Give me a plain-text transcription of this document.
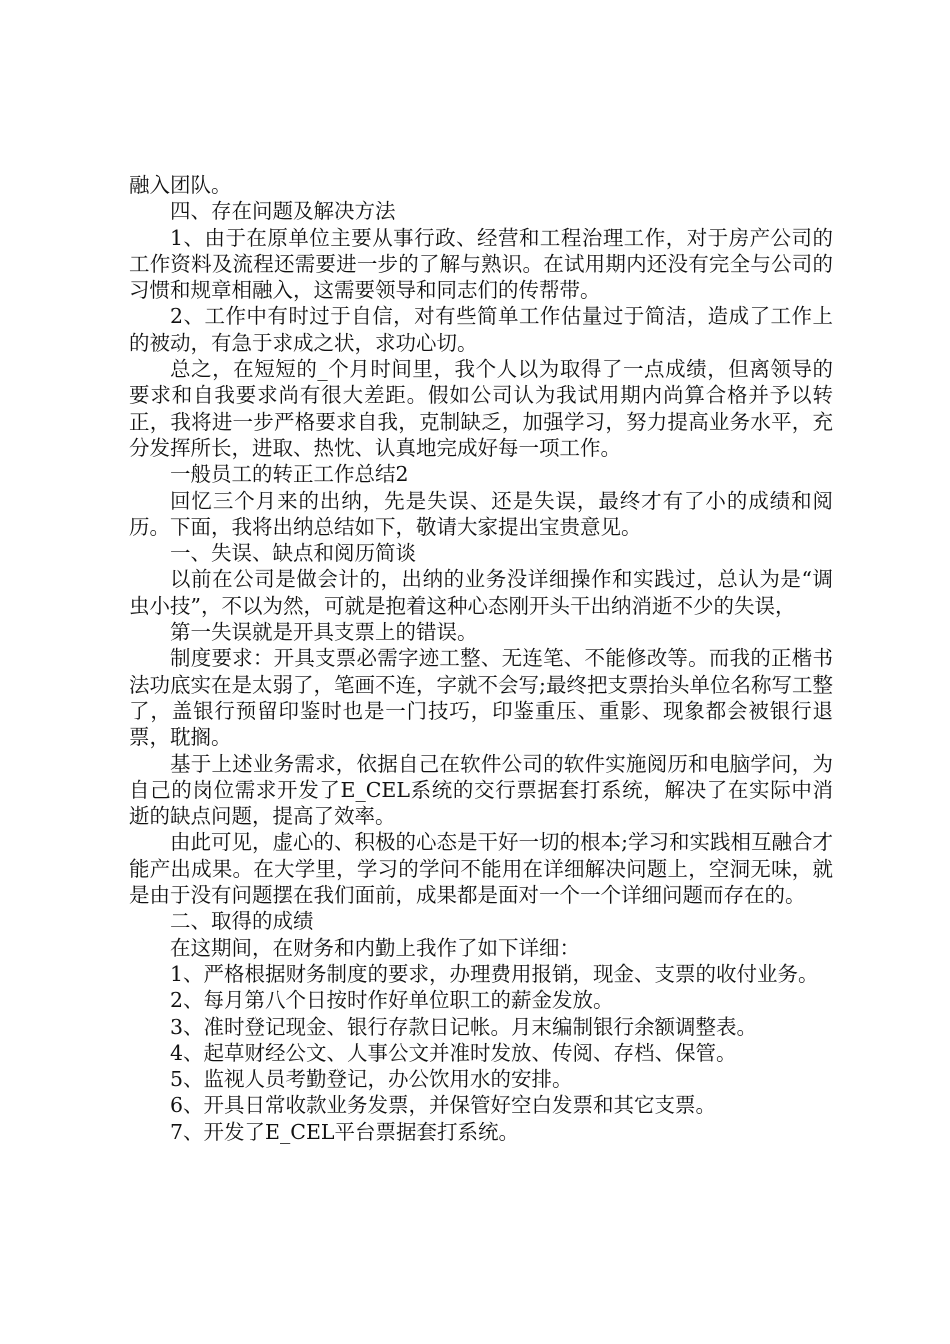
融入团队。

四、存在问题及解决方法

1、由于在原单位主要从事行政、经营和工程治理工作，对于房产公司的工作资料及流程还需要进一步的了解与熟识。在试用期内还没有完全与公司的习惯和规章相融入，这需要领导和同志们的传帮带。

2、工作中有时过于自信，对有些简单工作估量过于简洁，造成了工作上的被动，有急于求成之状，求功心切。

总之，在短短的_个月时间里，我个人以为取得了一点成绩，但离领导的要求和自我要求尚有很大差距。假如公司认为我试用期内尚算合格并予以转正，我将进一步严格要求自我，克制缺乏，加强学习，努力提高业务水平，充分发挥所长，进取、热忱、认真地完成好每一项工作。

一般员工的转正工作总结2

回忆三个月来的出纳，先是失误、还是失误，最终才有了小的成绩和阅历。下面，我将出纳总结如下，敬请大家提出宝贵意见。

一、失误、缺点和阅历简谈

以前在公司是做会计的，出纳的业务没详细操作和实践过，总认为是“调虫小技”，不以为然，可就是抱着这种心态刚开头干出纳消逝不少的失误，

第一失误就是开具支票上的错误。

制度要求：开具支票必需字迹工整、无连笔、不能修改等。而我的正楷书法功底实在是太弱了，笔画不连，字就不会写;最终把支票抬头单位名称写工整了，盖银行预留印鉴时也是一门技巧，印鉴重压、重影、现象都会被银行退票，耽搁。

基于上述业务需求，依据自己在软件公司的软件实施阅历和电脑学问，为自己的岗位需求开发了E_CEL系统的交行票据套打系统，解决了在实际中消逝的缺点问题，提高了效率。

由此可见，虚心的、积极的心态是干好一切的根本;学习和实践相互融合才能产出成果。在大学里，学习的学问不能用在详细解决问题上，空洞无味，就是由于没有问题摆在我们面前，成果都是面对一个一个详细问题而存在的。

二、取得的成绩

在这期间，在财务和内勤上我作了如下详细：

1、严格根据财务制度的要求，办理费用报销，现金、支票的收付业务。

2、每月第八个日按时作好单位职工的薪金发放。

3、准时登记现金、银行存款日记帐。月末编制银行余额调整表。

4、起草财经公文、人事公文并准时发放、传阅、存档、保管。

5、监视人员考勤登记，办公饮用水的安排。

6、开具日常收款业务发票，并保管好空白发票和其它支票。

7、开发了E_CEL平台票据套打系统。
